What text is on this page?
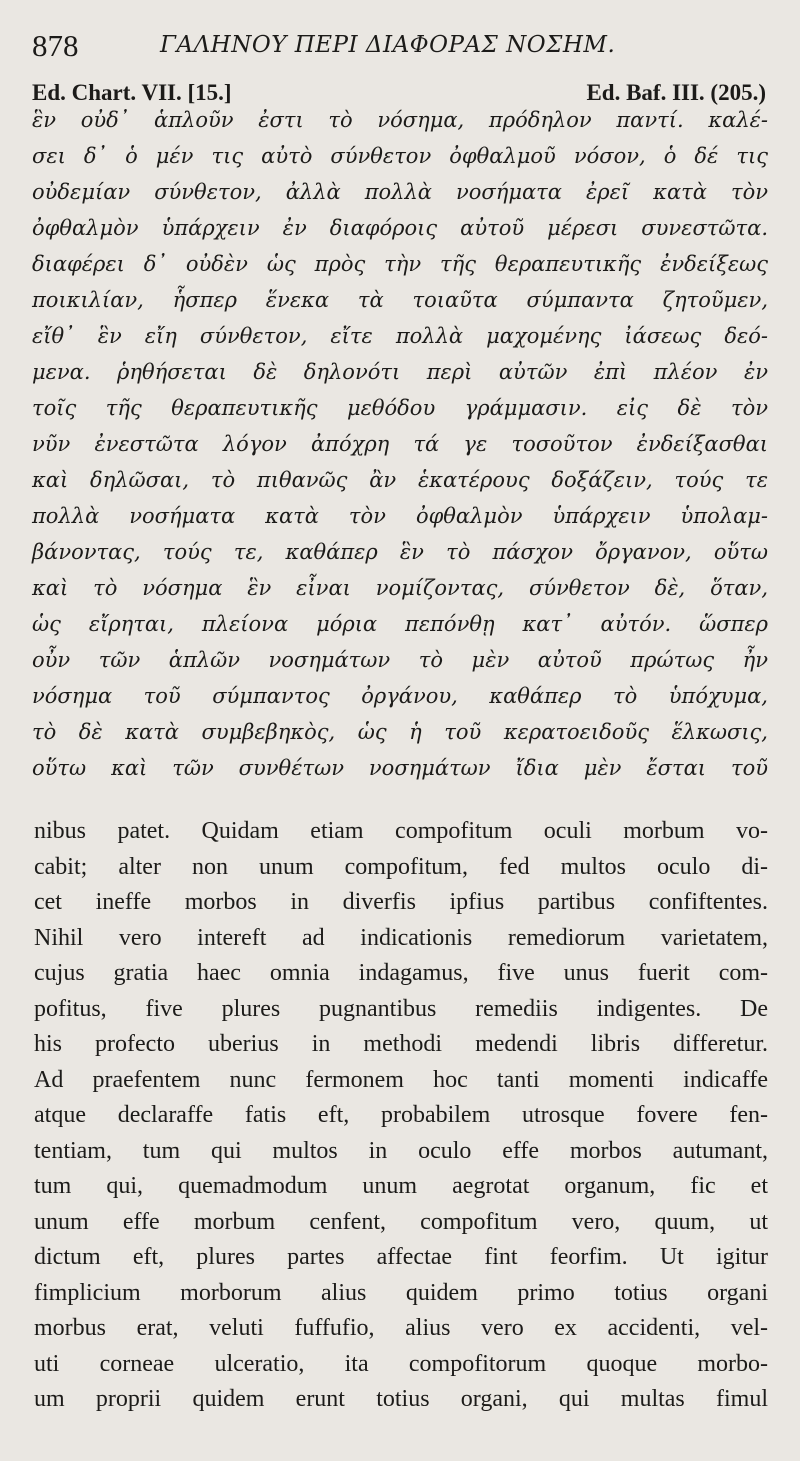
878	ΓΑΛΗΝΟΥ ΠΕΡΙ ΔΙΑΦΟΡΑΣ ΝΟΣΗΜ.
Ed. Chart. VII. [15.]	Ed. Baf. III. (205.)
ἓν οὐδ᾽ ἁπλοῦν ἐστι τὸ νόσημα, πρόδηλον παντί. καλέ-
σει δ᾽ ὁ μέν τις αὐτὸ σύνθετον ὀφθαλμοῦ νόσον, ὁ δέ τις
οὐδεμίαν σύνθετον, ἀλλὰ πολλὰ νοσήματα ἐρεῖ κατὰ τὸν
ὀφθαλμὸν ὑπάρχειν ἐν διαφόροις αὐτοῦ μέρεσι συνεστῶτα.
διαφέρει δ᾽ οὐδὲν ὡς πρὸς τὴν τῆς θεραπευτικῆς ἐνδείξεως
ποικιλίαν, ἧσπερ ἕνεκα τὰ τοιαῦτα σύμπαντα ζητοῦμεν,
εἴθ᾽ ἓν εἴη σύνθετον, εἴτε πολλὰ μαχομένης ἰάσεως δεό-
μενα. ῥηθήσεται δὲ δηλονότι περὶ αὐτῶν ἐπὶ πλέον ἐν
τοῖς τῆς θεραπευτικῆς μεθόδου γράμμασιν. εἰς δὲ τὸν
νῦν ἐνεστῶτα λόγον ἀπόχρη τά γε τοσοῦτον ἐνδείξασθαι
καὶ δηλῶσαι, τὸ πιθανῶς ἂν ἑκατέρους δοξάζειν, τούς τε
πολλὰ νοσήματα κατὰ τὸν ὀφθαλμὸν ὑπάρχειν ὑπολαμ-
βάνοντας, τούς τε, καθάπερ ἓν τὸ πάσχον ὄργανον, οὕτω
καὶ τὸ νόσημα ἓν εἶναι νομίζοντας, σύνθετον δὲ, ὅταν,
ὡς εἴρηται, πλείονα μόρια πεπόνθῃ κατ᾽ αὐτόν. ὥσπερ
οὖν τῶν ἁπλῶν νοσημάτων τὸ μὲν αὐτοῦ πρώτως ἦν
νόσημα τοῦ σύμπαντος ὀργάνου, καθάπερ τὸ ὑπόχυμα,
τὸ δὲ κατὰ συμβεβηκὸς, ὡς ἡ τοῦ κερατοειδοῦς ἕλκωσις,
οὕτω καὶ τῶν συνθέτων νοσημάτων ἴδια μὲν ἔσται τοῦ
nibus patet. Quidam etiam compofitum oculi morbum vo-
cabit; alter non unum compofitum, fed multos oculo di-
cet ineffe morbos in diverfis ipfius partibus confiftentes.
Nihil vero intereft ad indicationis remediorum varietatem,
cujus gratia haec omnia indagamus, five unus fuerit com-
pofitus, five plures pugnantibus remediis indigentes. De
his profecto uberius in methodi medendi libris differetur.
Ad praefentem nunc fermonem hoc tanti momenti indicaffe
atque declaraffe fatis eft, probabilem utrosque fovere fen-
tentiam, tum qui multos in oculo effe morbos autumant,
tum qui, quemadmodum unum aegrotat organum, fic et
unum effe morbum cenfent, compofitum vero, quum, ut
dictum eft, plures partes affectae fint feorfim. Ut igitur
fimplicium morborum alius quidem primo totius organi
morbus erat, veluti fuffufio, alius vero ex accidenti, vel-
uti corneae ulceratio, ita compofitorum quoque morbo-
um proprii quidem erunt totius organi, qui multas fimul
